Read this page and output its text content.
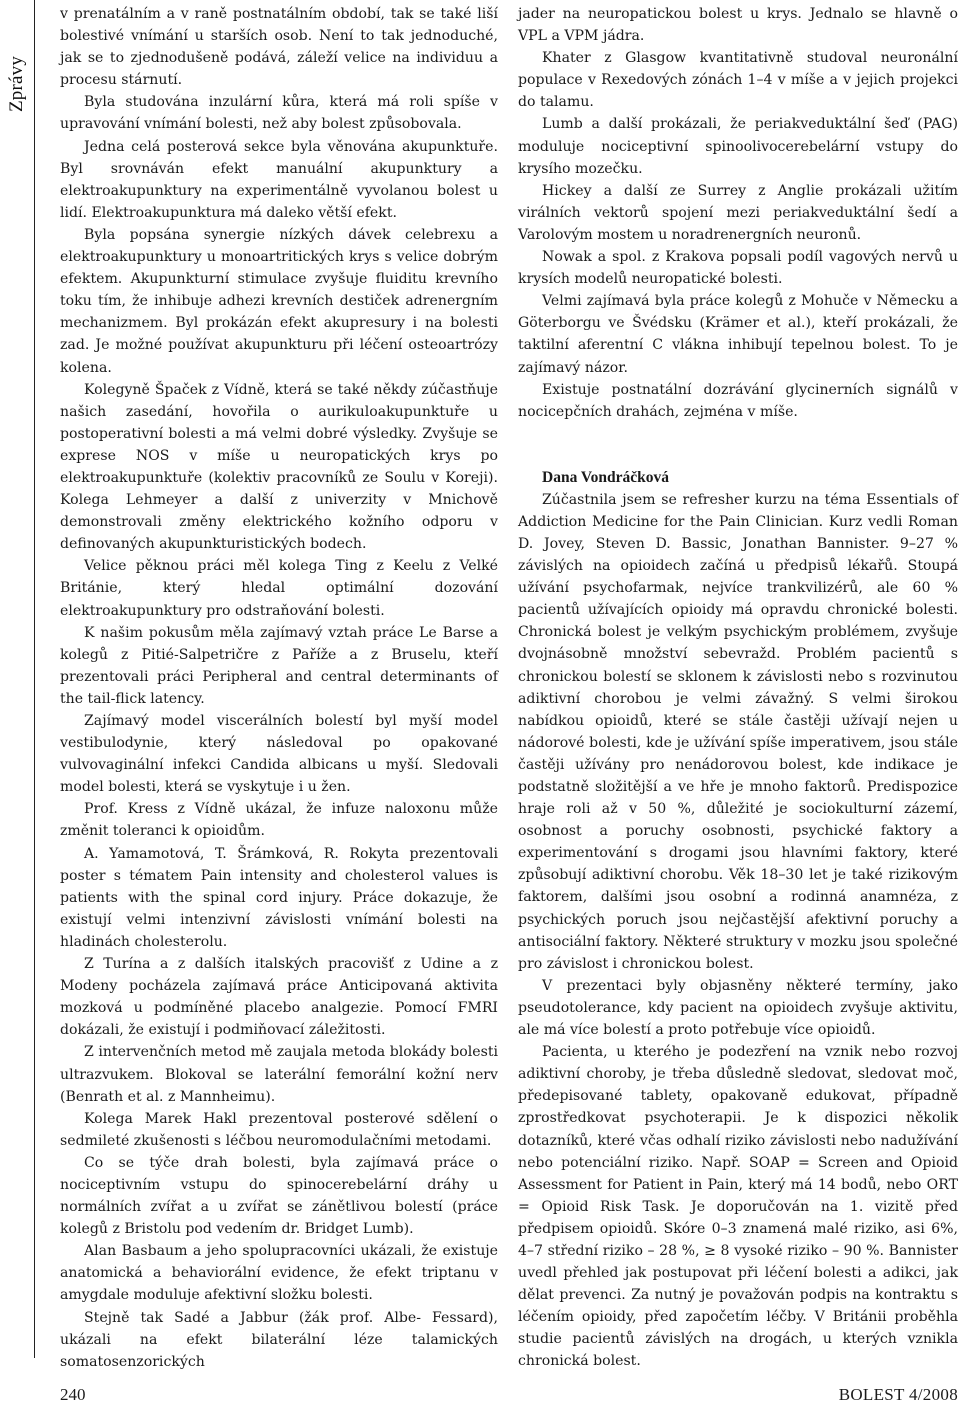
Zprávy

v prenatálním a v raně postnatálním období, tak se také liší bolestivé vnímání u starších osob. Není to tak jednoduché, jak se to zjednodušeně podává, záleží velice na individuu a procesu stárnutí.

Byla studována inzulární kůra, která má roli spíše v upravování vnímání bolesti, než aby bolest způsobovala.

Jedna celá posterová sekce byla věnována akupunktuře. Byl srovnáván efekt manuální akupunktury a elektroakupunktury na experimentálně vyvolanou bolest u lidí. Elektroakupunktura má daleko větší efekt.

Byla popsána synergie nízkých dávek celebrexu a elektroakupunktury u monoartritických krys s velice dobrým efektem. Akupunkturní stimulace zvyšuje fluiditu krevního toku tím, že inhibuje adhezi krevních destiček adrenergním mechanizmem. Byl prokázán efekt akupresury i na bolesti zad. Je možné používat akupunkturu při léčení osteoartrózy kolena.

Kolegyně Špaček z Vídně, která se také někdy zúčastňuje našich zasedání, hovořila o aurikuloakupunktuře u postoperativní bolesti a má velmi dobré výsledky. Zvyšuje se exprese NOS v míše u neuropatických krys po elektroakupunktuře (kolektiv pracovníků ze Soulu v Koreji). Kolega Lehmeyer a další z univerzity v Mnichově demonstrovali změny elektrického kožního odporu v definovaných akupunkturistických bodech.

Velice pěknou práci měl kolega Ting z Keelu z Velké Británie, který hledal optimální dozování elektroakupunktury pro odstraňování bolesti.

K našim pokusům měla zajímavý vztah práce Le Barse a kolegů z Pitié-Salpetričre z Paříže a z Bruselu, kteří prezentovali práci Peripheral and central determinants of the tail-flick latency.

Zajímavý model viscerálních bolestí byl myší model vestibulodynie, který následoval po opakované vulvovaginální infekci Candida albicans u myší. Sledovali model bolesti, která se vyskytuje i u žen.

Prof. Kress z Vídně ukázal, že infuze naloxonu může změnit toleranci k opioidům.

A. Yamamotová, T. Šrámková, R. Rokyta prezentovali poster s tématem Pain intensity and cholesterol values is patients with the spinal cord injury. Práce dokazuje, že existují velmi intenzivní závislosti vnímání bolesti na hladinách cholesterolu.

Z Turína a z dalších italských pracovišť z Udine a z Modeny pocházela zajímavá práce Anticipovaná aktivita mozková u podmíněné placebo analgezie. Pomocí FMRI dokázali, že existují i podmiňovací záležitosti.

Z intervenčních metod mě zaujala metoda blokády bolesti ultrazvukem. Blokoval se laterální femorální kožní nerv (Benrath et al. z Mannheimu).

Kolega Marek Hakl prezentoval posterové sdělení o sedmileté zkušenosti s léčbou neuromodulačními metodami.

Co se týče drah bolesti, byla zajímavá práce o nociceptivním vstupu do spinocerebelární dráhy u normálních zvířat a u zvířat se zánětlivou bolestí (práce kolegů z Bristolu pod vedením dr. Bridget Lumb).

Alan Basbaum a jeho spolupracovníci ukázali, že existuje anatomická a behaviorální evidence, že efekt triptanu v amygdale moduluje afektivní složku bolesti.

Stejně tak Sadé a Jabbur (žák prof. Albe- Fessard), ukázali na efekt bilaterální léze talamických somatosenzorických

jader na neuropatickou bolest u krys. Jednalo se hlavně o VPL a VPM jádra.

Khater z Glasgow kvantitativně studoval neuronální populace v Rexedových zónách 1–4 v míše a v jejich projekci do talamu.

Lumb a další prokázali, že periakveduktální šeď (PAG) moduluje nociceptivní spinoolivocerebelární vstupy do krysího mozečku.

Hickey a další ze Surrey z Anglie prokázali užitím virálních vektorů spojení mezi periakveduktální šedí a Varolovým mostem u noradrenergních neuronů.

Nowak a spol. z Krakova popsali podíl vagových nervů u krysích modelů neuropatické bolesti.

Velmi zajímavá byla práce kolegů z Mohuče v Německu a Göterborgu ve Švédsku (Krämer et al.), kteří prokázali, že taktilní aferentní C vlákna inhibují tepelnou bolest. To je zajímavý názor.

Existuje postnatální dozrávání glycinerních signálů v nocicepčních drahách, zejména v míše.

Dana Vondráčková

Zúčastnila jsem se refresher kurzu na téma Essentials of Addiction Medicine for the Pain Clinician. Kurz vedli Roman D. Jovey, Steven D. Bassic, Jonathan Bannister. 9–27 % závislých na opioidech začíná u předpisů lékařů. Stoupá užívání psychofarmak, nejvíce trankvilizérů, ale 60 % pacientů užívajících opioidy má opravdu chronické bolesti. Chronická bolest je velkým psychickým problémem, zvyšuje dvojnásobně množství sebevražd. Problém pacientů s chronickou bolestí se sklonem k závislosti nebo s rozvinutou adiktivní chorobou je velmi závažný. S velmi širokou nabídkou opioidů, které se stále častěji užívají nejen u nádorové bolesti, kde je užívání spíše imperativem, jsou stále častěji užívány pro nenádorovou bolest, kde indikace je podstatně složitější a ve hře je mnoho faktorů. Predispozice hraje roli až v 50 %, důležité je sociokulturní zázemí, osobnost a poruchy osobnosti, psychické faktory a experimentování s drogami jsou hlavními faktory, které způsobují adiktivní chorobu. Věk 18–30 let je také rizikovým faktorem, dalšími jsou osobní a rodinná anamnéza, z psychických poruch jsou nejčastější afektivní poruchy a antisociální faktory. Některé struktury v mozku jsou společné pro závislost i chronickou bolest.

V prezentaci byly objasněny některé termíny, jako pseudotolerance, kdy pacient na opioidech zvyšuje aktivitu, ale má více bolestí a proto potřebuje více opioidů.

Pacienta, u kterého je podezření na vznik nebo rozvoj adiktivní choroby, je třeba důsledně sledovat, sledovat moč, předepisované tablety, opakovaně edukovat, případně zprostředkovat psychoterapii. Je k dispozici několik dotazníků, které včas odhalí riziko závislosti nebo nadužívání nebo potenciální riziko. Např. SOAP = Screen and Opioid Assessment for Patient in Pain, který má 14 bodů, nebo ORT = Opioid Risk Task. Je doporučován na 1. vizitě před předpisem opioidů. Skóre 0–3 znamená malé riziko, asi 6%, 4–7 střední riziko – 28 %, ≥ 8 vysoké riziko – 90 %. Bannister uvedl přehled jak postupovat při léčení bolesti a adikci, jak dělat prevenci. Za nutný je považován podpis na kontraktu s léčením opioidy, před započetím léčby. V Británii proběhla studie pacientů závislých na drogách, u kterých vznikla chronická bolest.

240	BOLEST 4/2008
